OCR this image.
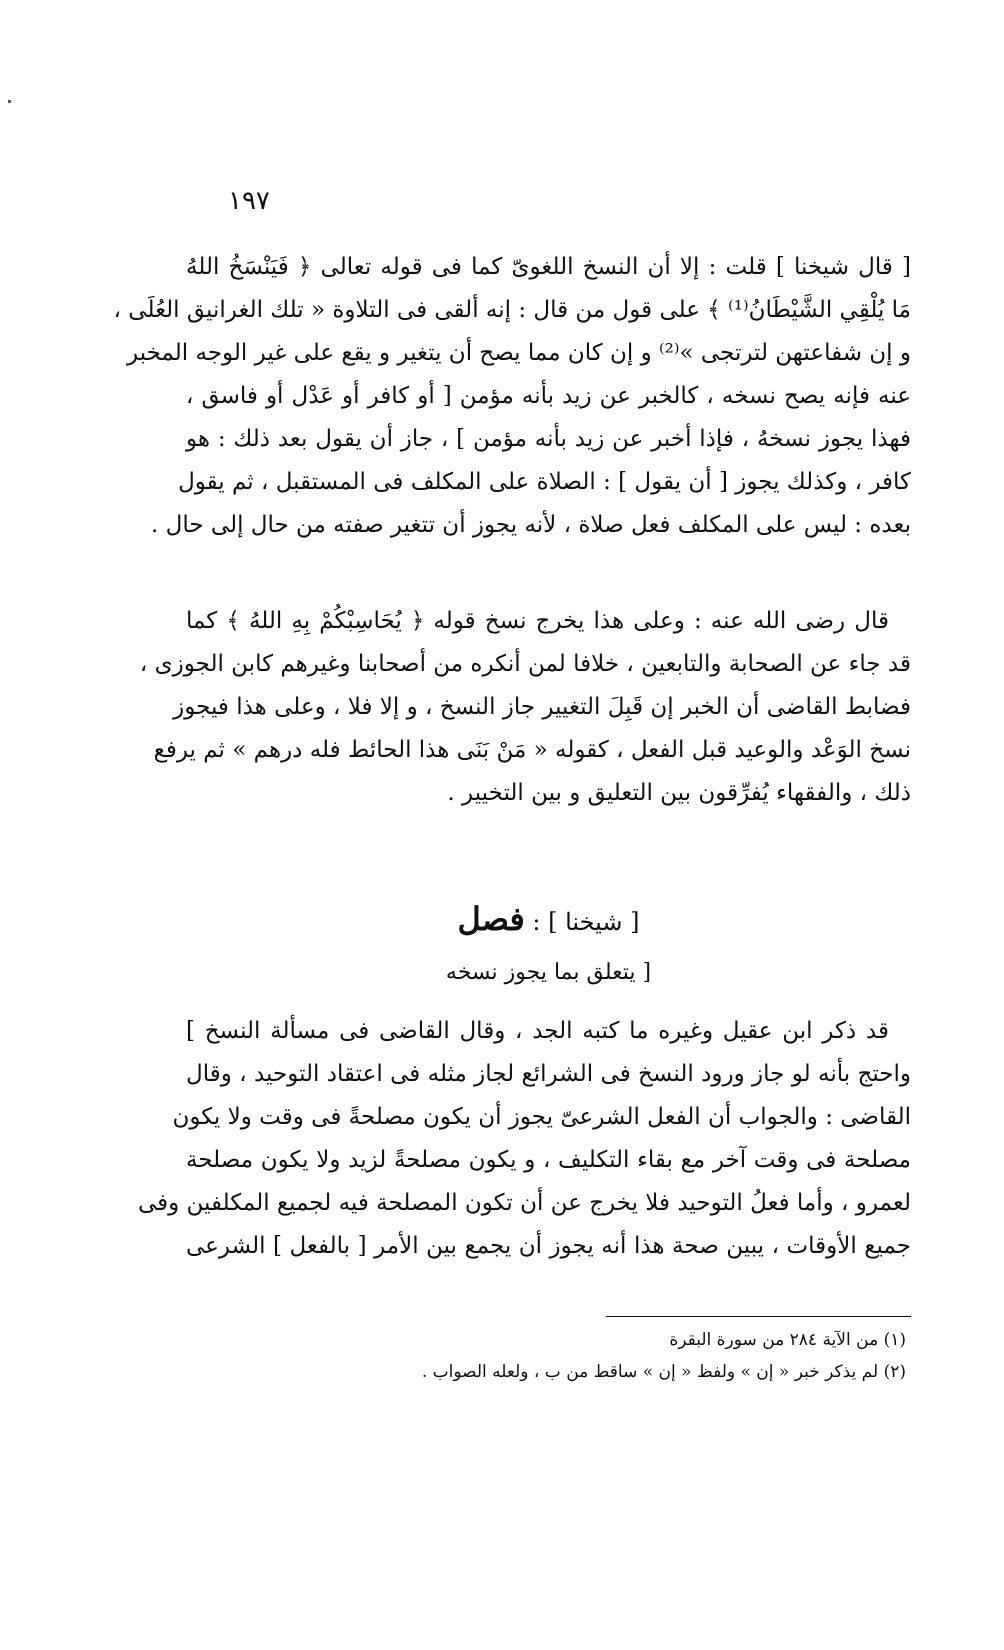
١٩٧
[ قال شيخنا ] قلت : إلا أن النسخ اللغوىّ كما فى قوله تعالى ﴿ فَيَنْسَخُ اللهُ
مَا يُلْقِي الشَّيْطَانُ⁽¹⁾ ﴾ على قول من قال : إنه ألقى فى التلاوة « تلك الغرانيق العُلَى ،
و إن شفاعتهن لترتجى »⁽²⁾ و إن كان مما يصح أن يتغير و يقع على غير الوجه المخبر
عنه فإنه يصح نسخه ، كالخبر عن زيد بأنه مؤمن [ أو كافر أو عَدْل أو فاسق ،
فهذا يجوز نسخهُ ، فإذا أخبر عن زيد بأنه مؤمن ] ، جاز أن يقول بعد ذلك : هو
كافر ، وكذلك يجوز [ أن يقول ] : الصلاة على المكلف فى المستقبل ، ثم يقول
بعده : ليس على المكلف فعل صلاة ، لأنه يجوز أن تتغير صفته من حال إلى حال .
قال رضى الله عنه : وعلى هذا يخرج نسخ قوله ﴿ يُحَاسِبْكُمْ بِهِ اللهُ ﴾ كما
قد جاء عن الصحابة والتابعين ، خلافا لمن أنكره من أصحابنا وغيرهم كابن الجوزى ،
فضابط القاضى أن الخبر إن قَبِلَ التغيير جاز النسخ ، و إلا فلا ، وعلى هذا فيجوز
نسخ الوَعْد والوعيد قبل الفعل ، كقوله « مَنْ بَنَى هذا الحائط فله درهم » ثم يرفع
ذلك ، والفقهاء يُفرِّقون بين التعليق و بين التخيير .
[ شيخنا ] : فصل
[ يتعلق بما يجوز نسخه
قد ذكر ابن عقيل وغيره ما كتبه الجد ، وقال القاضى فى مسألة النسخ ]
واحتج بأنه لو جاز ورود النسخ فى الشرائع لجاز مثله فى اعتقاد التوحيد ، وقال
القاضى : والجواب أن الفعل الشرعىّ يجوز أن يكون مصلحةً فى وقت ولا يكون
مصلحة فى وقت آخر مع بقاء التكليف ، و يكون مصلحةً لزيد ولا يكون مصلحة
لعمرو ، وأما فعلُ التوحيد فلا يخرج عن أن تكون المصلحة فيه لجميع المكلفين وفى
جميع الأوقات ، يبين صحة هذا أنه يجوز أن يجمع بين الأمر [ بالفعل ] الشرعى
(١) من الآية ٢٨٤ من سورة البقرة
(٢) لم يذكر خبر « إن » ولفظ « إن » ساقط من ب ، ولعله الصواب .
